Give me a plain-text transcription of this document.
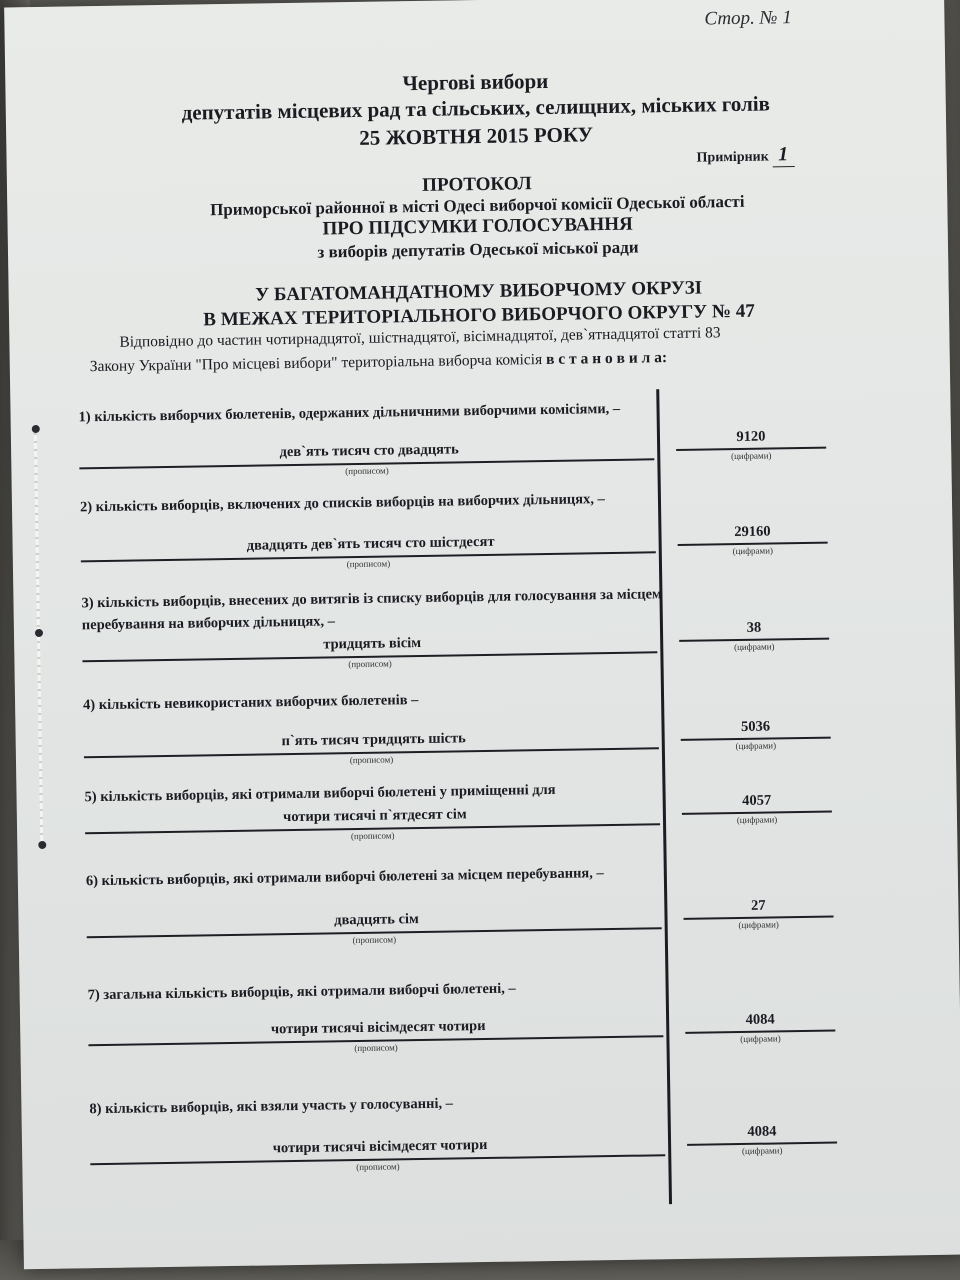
Стор. № 1
Чергові вибори
депутатів місцевих рад та сільських, селищних, міських голів
25 ЖОВТНЯ 2015 РОКУ
Примірник 1
ПРОТОКОЛ
Приморської районної в місті Одесі виборчої комісії Одеської області
ПРО ПІДСУМКИ ГОЛОСУВАННЯ
з виборів депутатів Одеської міської ради
У БАГАТОМАНДАТНОМУ ВИБОРЧОМУ ОКРУЗІ
В МЕЖАХ ТЕРИТОРІАЛЬНОГО ВИБОРЧОГО ОКРУГУ № 47
Відповідно до частин чотирнадцятої, шістнадцятої, вісімнадцятої, дев`ятнадцятої статті 83
Закону України "Про місцеві вибори" територіальна виборча комісія в с т а н о в и л а:
1) кількість виборчих бюлетенів, одержаних дільничними виборчими комісіями, –
дев`ять тисяч сто двадцять
(прописом)
9120
(цифрами)
2) кількість виборців, включених до списків виборців на виборчих дільницях, –
двадцять дев`ять тисяч сто шістдесят
(прописом)
29160
(цифрами)
3) кількість виборців, внесених до витягів із списку виборців для голосування за місцем перебування на виборчих дільницях, –
тридцять вісім
(прописом)
38
(цифрами)
4) кількість невикористаних виборчих бюлетенів –
п`ять тисяч тридцять шість
(прописом)
5036
(цифрами)
5) кількість виборців, які отримали виборчі бюлетені у приміщенні для
чотири тисячі п`ятдесят сім
(прописом)
4057
(цифрами)
6) кількість виборців, які отримали виборчі бюлетені за місцем перебування, –
двадцять сім
(прописом)
27
(цифрами)
7) загальна кількість виборців, які отримали виборчі бюлетені, –
чотири тисячі вісімдесят чотири
(прописом)
4084
(цифрами)
8) кількість виборців, які взяли участь у голосуванні, –
чотири тисячі вісімдесят чотири
(прописом)
4084
(цифрами)
